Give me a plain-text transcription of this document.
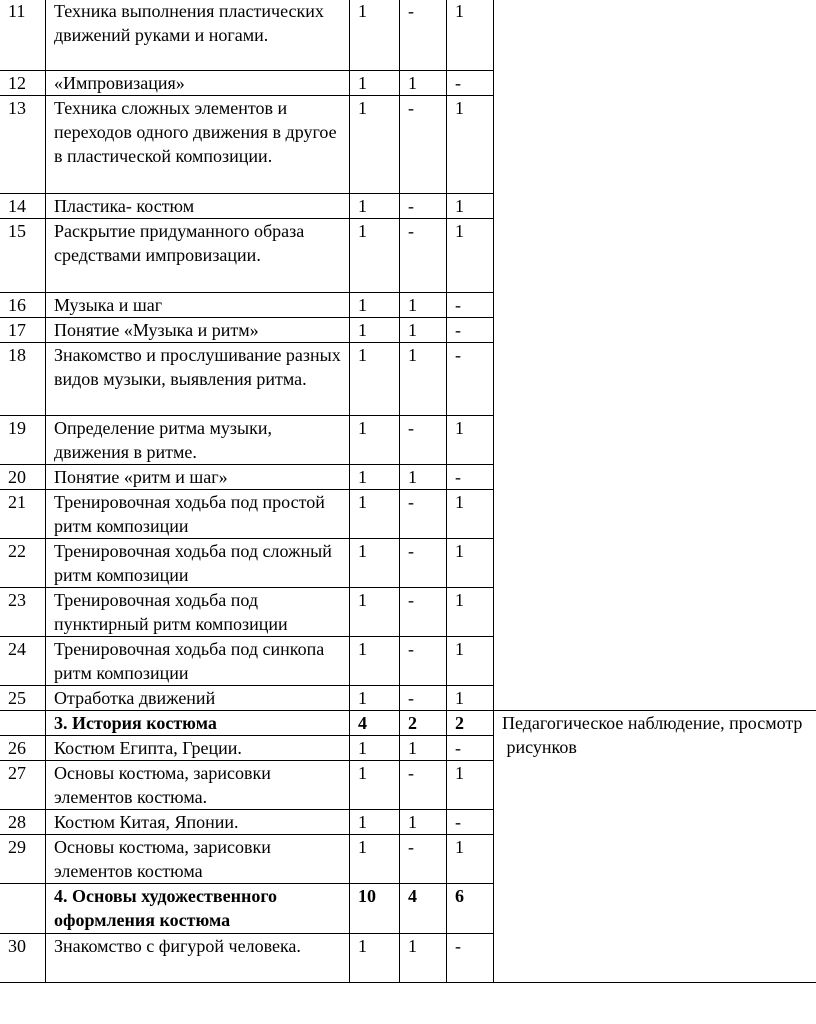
11	Техника выполнения пластических движений руками и ногами.	1	-	1	
12	«Импровизация»	1	1	-	
13	Техника сложных элементов и переходов одного движения в другое в пластической композиции.	1	-	1	
14	Пластика- костюм	1	-	1	
15	Раскрытие придуманного образа средствами импровизации.	1	-	1	
16	Музыка и шаг	1	1	-	
17	Понятие «Музыка и ритм»	1	1	-	
18	Знакомство и прослушивание разных видов музыки, выявления ритма.	1	1	-	
19	Определение ритма музыки, движения в ритме.	1	-	1	
20	Понятие «ритм и шаг»	1	1	-	
21	Тренировочная ходьба под простой ритм композиции	1	-	1	
22	Тренировочная ходьба под сложный ритм композиции	1	-	1	
23	Тренировочная ходьба под пунктирный ритм композиции	1	-	1	
24	Тренировочная ходьба под синкопа ритм композиции	1	-	1	
25	Отработка движений	1	-	1	
	3. История костюма	4	2	2	Педагогическое наблюдение, просмотр
рисунков
26	Костюм Египта, Греции.	1	1	-	
27	Основы костюма, зарисовки элементов костюма.	1	-	1	
28	Костюм Китая, Японии.	1	1	-	
29	Основы костюма, зарисовки элементов костюма	1	-	1	
	4. Основы художественного оформления костюма	10	4	6	
30	Знакомство с фигурой человека.	1	1	-	
